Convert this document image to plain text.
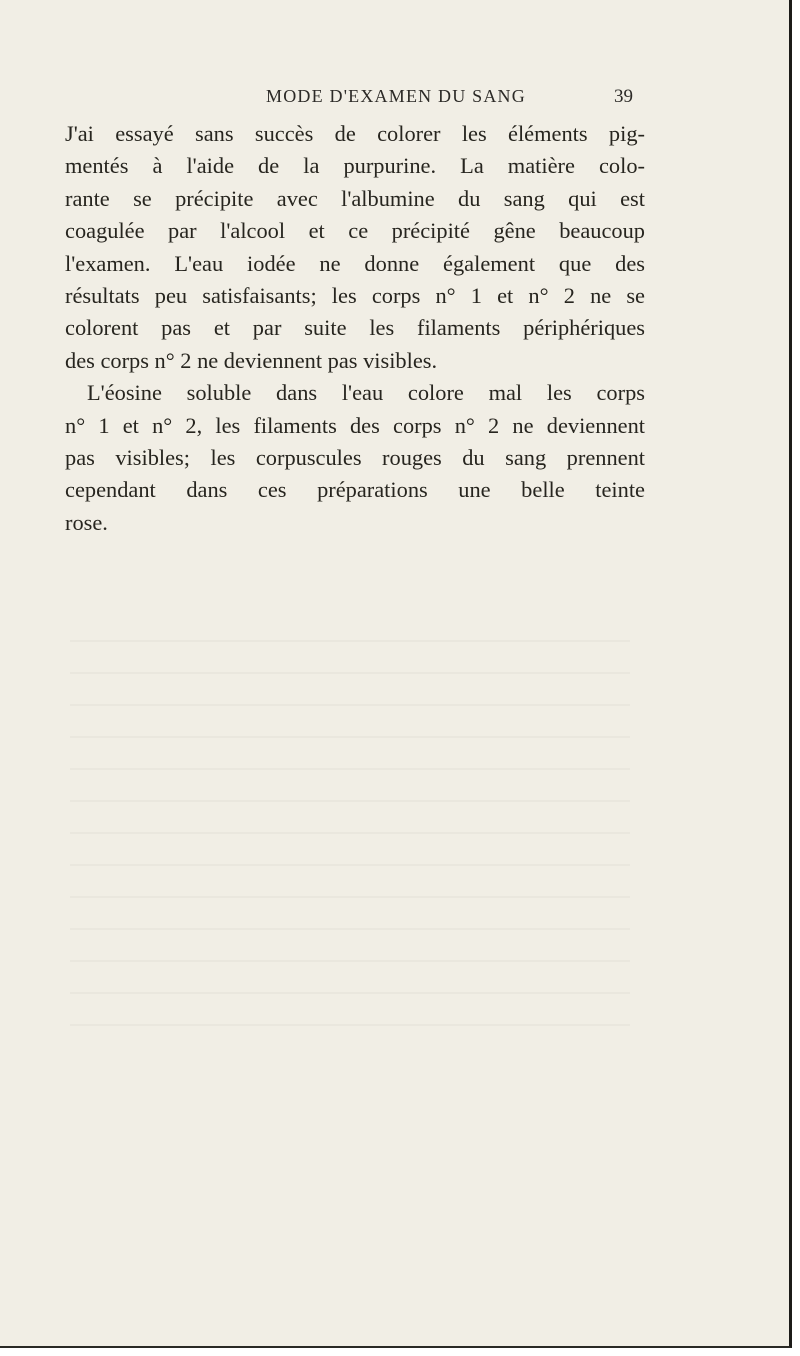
MODE D'EXAMEN DU SANG	39
J'ai essayé sans succès de colorer les éléments pig-
mentés à l'aide de la purpurine. La matière colo-
rante se précipite avec l'albumine du sang qui est
coagulée par l'alcool et ce précipité gêne beaucoup
l'examen. L'eau iodée ne donne également que des
résultats peu satisfaisants; les corps n° 1 et n° 2 ne se
colorent pas et par suite les filaments périphériques
des corps n° 2 ne deviennent pas visibles.
L'éosine soluble dans l'eau colore mal les corps
n° 1 et n° 2, les filaments des corps n° 2 ne deviennent
pas visibles; les corpuscules rouges du sang prennent
cependant dans ces préparations une belle teinte
rose.
